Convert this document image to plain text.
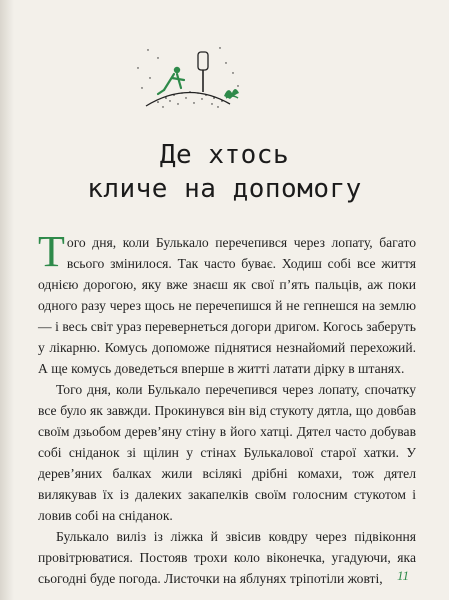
Де хтось
кличе на допомогу

Того дня, коли Булькало перечепився через лопату, багато всього змінилося. Так часто буває. Ходиш собі все життя однією дорогою, яку вже знаєш як свої п’ять пальців, аж поки одного разу через щось не перечепишся й не гепнешся на землю — і весь світ ураз перевернеться догори дригом. Когось заберуть у лікарню. Комусь допоможе піднятися незнайомий перехожий. А ще комусь доведеться вперше в житті латати дірку в штанях.

Того дня, коли Булькало перечепився через лопату, спочатку все було як завжди. Прокинувся він від стукоту дятла, що довбав своїм дзьобом дерев’яну стіну в його хатці. Дятел часто добував собі сніданок зі щілин у стінах Булькалової старої хатки. У дерев’яних балках жили всілякі дрібні комахи, тож дятел вилякував їх із далеких закапелків своїм голосним стукотом і ловив собі на сніданок.

Булькало виліз із ліжка й звісив ковдру через підвіконня провітрюватися. Постояв трохи коло віконечка, угадуючи, яка сьогодні буде погода. Листочки на яблунях тріпотіли жовті,	11
